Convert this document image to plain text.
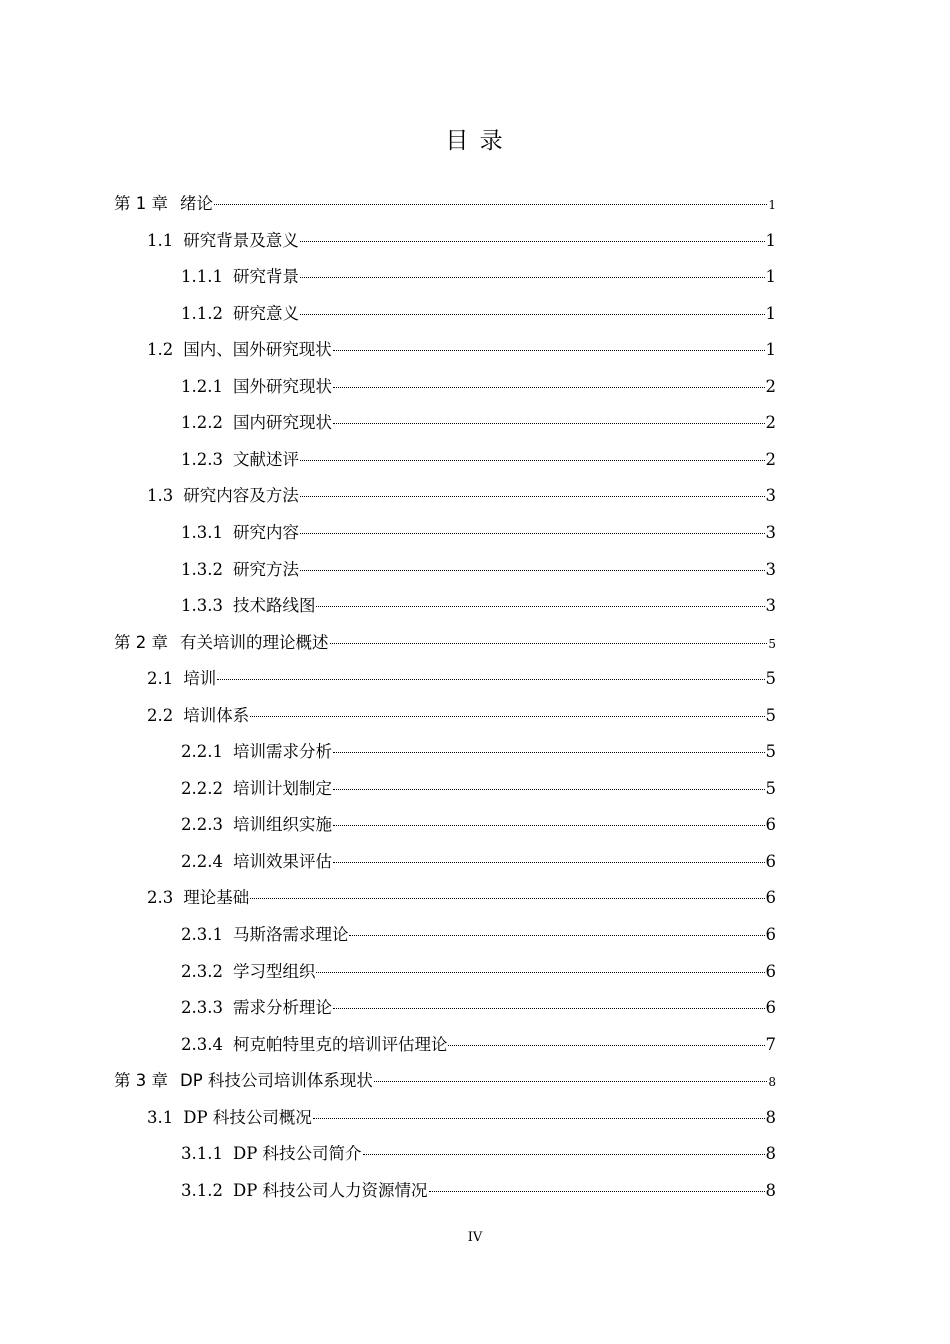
目 录
第 1 章 绪论	1
1.1 研究背景及意义	1
1.1.1 研究背景	1
1.1.2 研究意义	1
1.2 国内、国外研究现状	1
1.2.1 国外研究现状	2
1.2.2 国内研究现状	2
1.2.3 文献述评	2
1.3 研究内容及方法	3
1.3.1 研究内容	3
1.3.2 研究方法	3
1.3.3 技术路线图	3
第 2 章 有关培训的理论概述	5
2.1 培训	5
2.2 培训体系	5
2.2.1 培训需求分析	5
2.2.2 培训计划制定	5
2.2.3 培训组织实施	6
2.2.4 培训效果评估	6
2.3 理论基础	6
2.3.1 马斯洛需求理论	6
2.3.2 学习型组织	6
2.3.3 需求分析理论	6
2.3.4 柯克帕特里克的培训评估理论	7
第 3 章 DP 科技公司培训体系现状	8
3.1 DP 科技公司概况	8
3.1.1 DP 科技公司简介	8
3.1.2 DP 科技公司人力资源情况	8
IV
